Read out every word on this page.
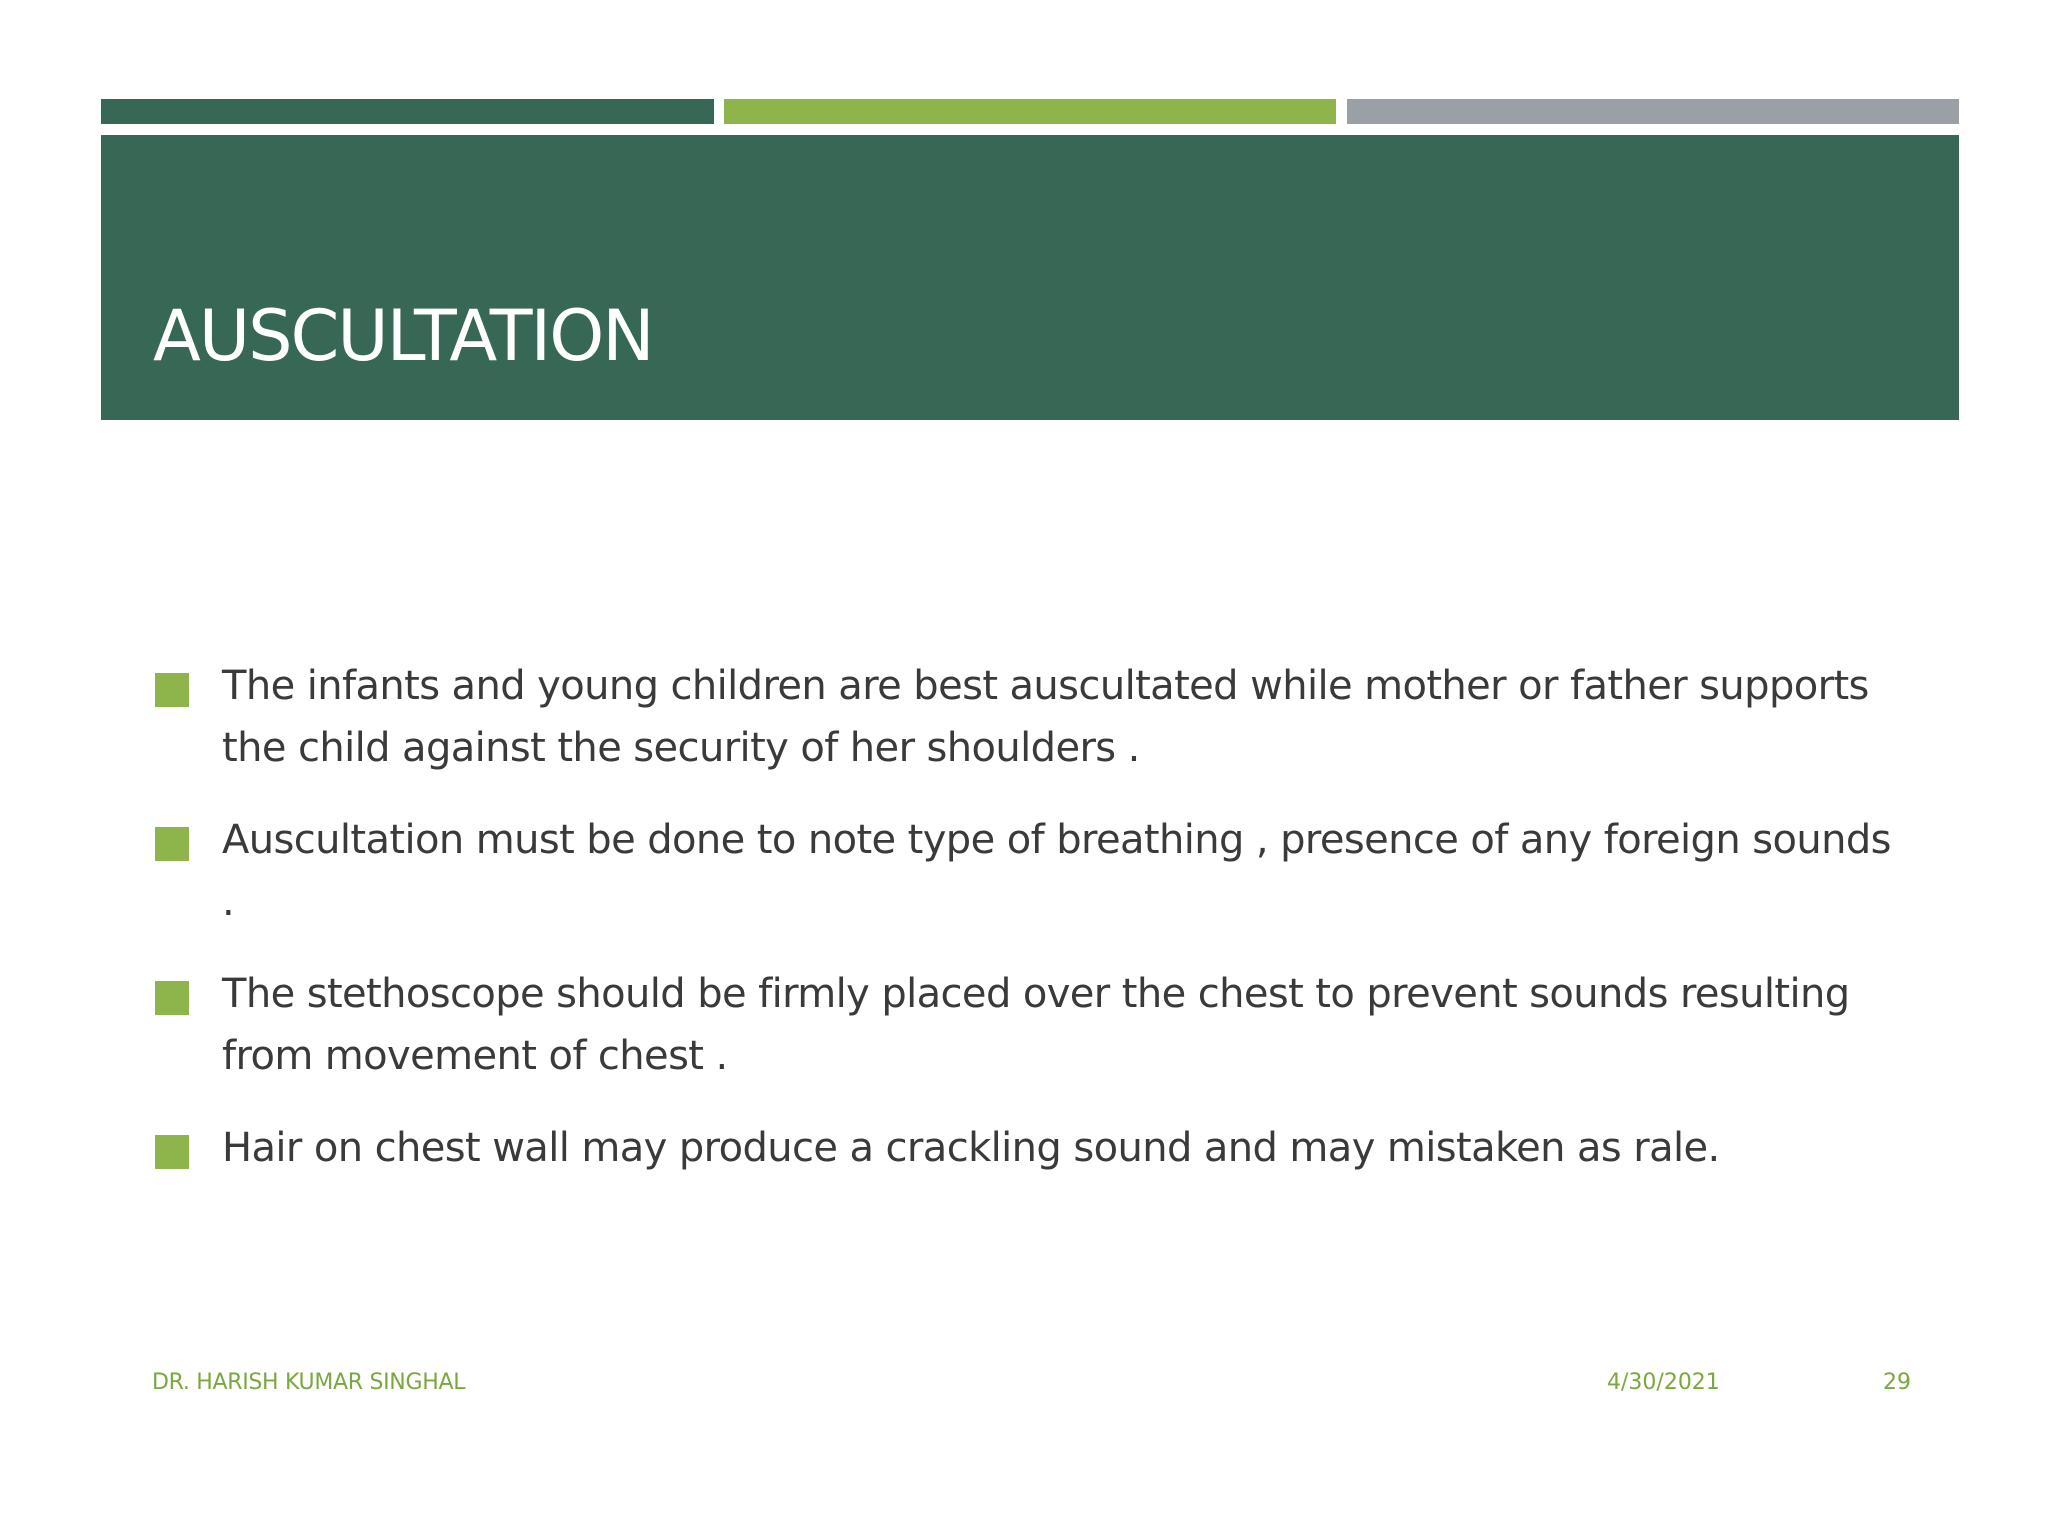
AUSCULTATION
The infants and young children are best auscultated while mother or father supports the child against the security of her shoulders .
Auscultation must be done to note type of breathing , presence of any foreign sounds .
The stethoscope should be firmly placed over the chest to prevent sounds resulting from movement of chest .
Hair on chest wall may produce a crackling sound and may mistaken as rale.
DR. HARISH KUMAR SINGHAL	4/30/2021	29
